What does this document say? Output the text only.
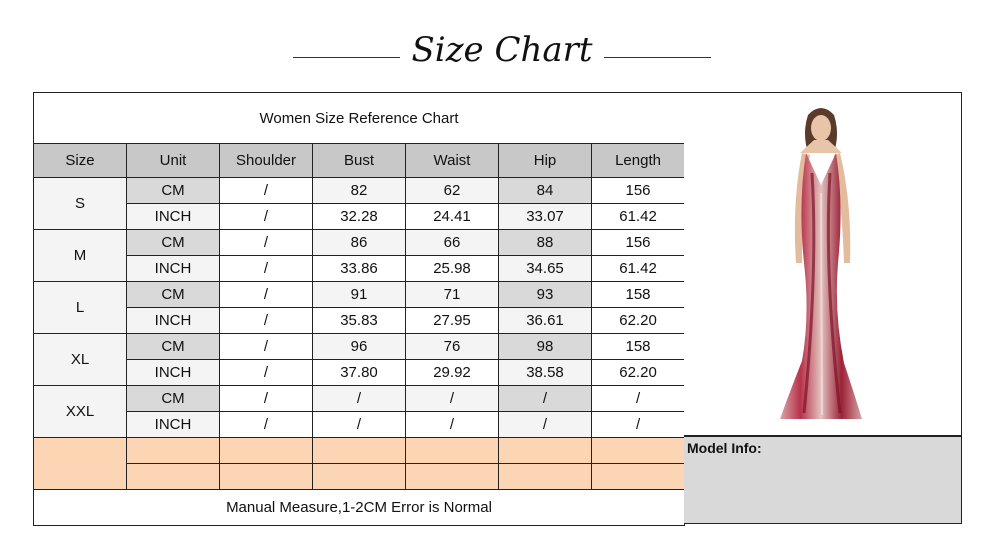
Size Chart
Women Size Reference Chart						
Size	Unit	Shoulder	Bust	Waist	Hip	Length
S	CM	/	82	62	84	156
	INCH	/	32.28	24.41	33.07	61.42
M	CM	/	86	66	88	156
	INCH	/	33.86	25.98	34.65	61.42
L	CM	/	91	71	93	158
	INCH	/	35.83	27.95	36.61	62.20
XL	CM	/	96	76	98	158
	INCH	/	37.80	29.92	38.58	62.20
XXL	CM	/	/	/	/	/
	INCH	/	/	/	/	/

Manual Measure,1-2CM Error is Normal						
Model Info:
